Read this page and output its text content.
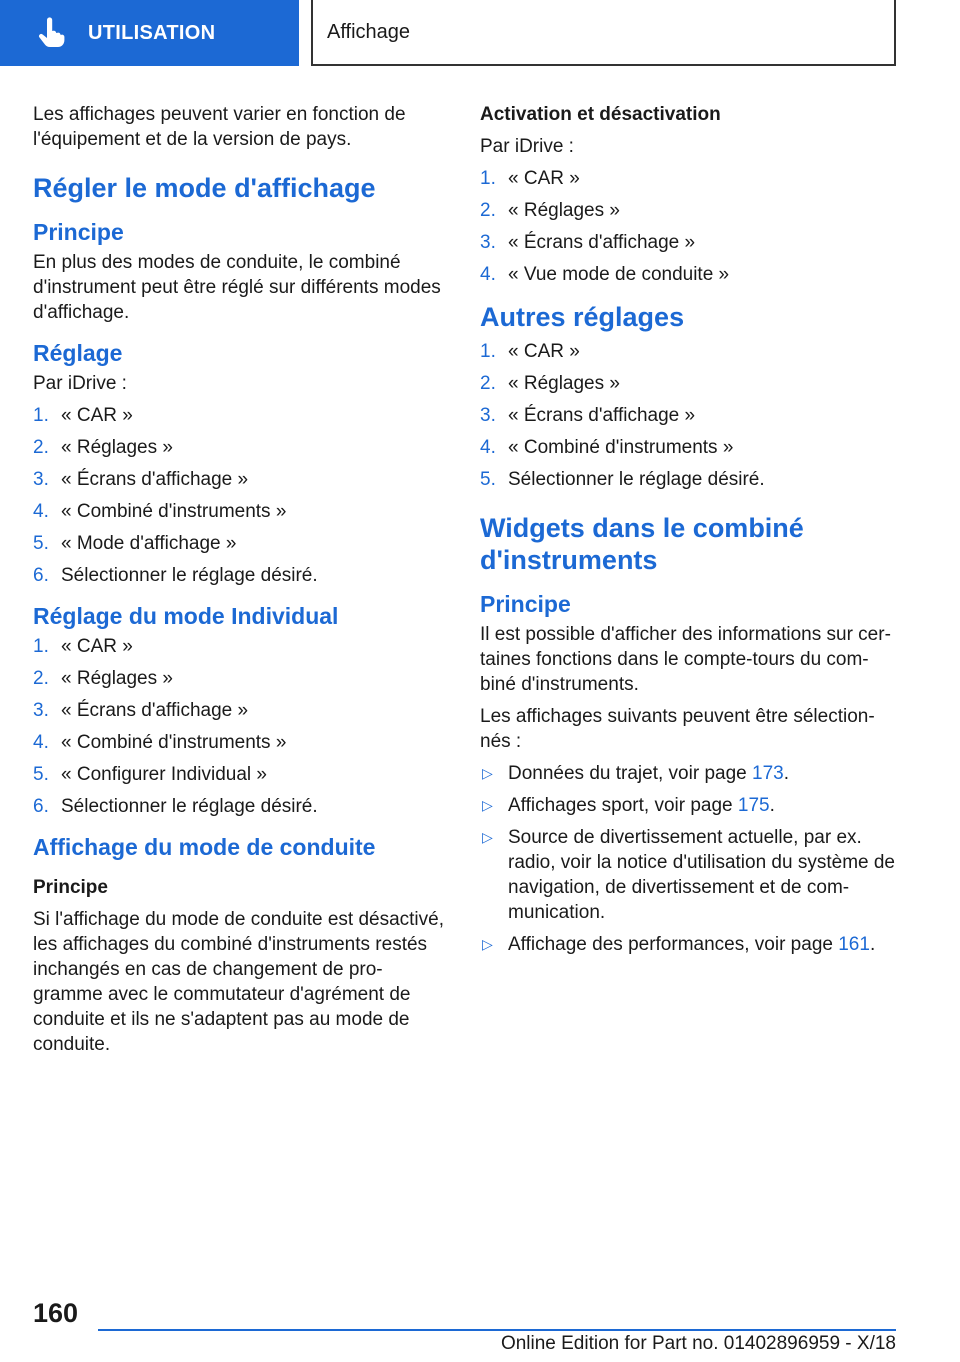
UTILISATION	Affichage

Les affichages peuvent varier en fonction de l'équipement et de la version de pays.

Régler le mode d'affichage
Principe

En plus des modes de conduite, le combiné d'instrument peut être réglé sur différents modes d'affichage.

Réglage

Par iDrive :

1. « CAR »
2. « Réglages »
3. « Écrans d'affichage »
4. « Combiné d'instruments »
5. « Mode d'affichage »
6. Sélectionner le réglage désiré.
Réglage du mode Individual
1. « CAR »
2. « Réglages »
3. « Écrans d'affichage »
4. « Combiné d'instruments »
5. « Configurer Individual »
6. Sélectionner le réglage désiré.
Affichage du mode de conduite
Principe

Si l'affichage du mode de conduite est désactivé, les affichages du combiné d'instruments restés inchangés en cas de changement de pro- gramme avec le commutateur d'agrément de conduite et ils ne s'adaptent pas au mode de conduite.

Activation et désactivation

Par iDrive :

1. « CAR »
2. « Réglages »
3. « Écrans d'affichage »
4. « Vue mode de conduite »
Autres réglages
1. « CAR »
2. « Réglages »
3. « Écrans d'affichage »
4. « Combiné d'instruments »
5. Sélectionner le réglage désiré.
Widgets dans le combiné d'instruments
Principe

Il est possible d'afficher des informations sur cer- taines fonctions dans le compte-tours du com- biné d'instruments.

Les affichages suivants peuvent être sélection- nés :

▷ Données du trajet, voir page 173.
▷ Affichages sport, voir page 175.
▷ Source de divertissement actuelle, par ex. radio, voir la notice d'utilisation du système de navigation, de divertissement et de com- munication.
▷ Affichage des performances, voir page 161.
160
Online Edition for Part no. 01402896959 - X/18
